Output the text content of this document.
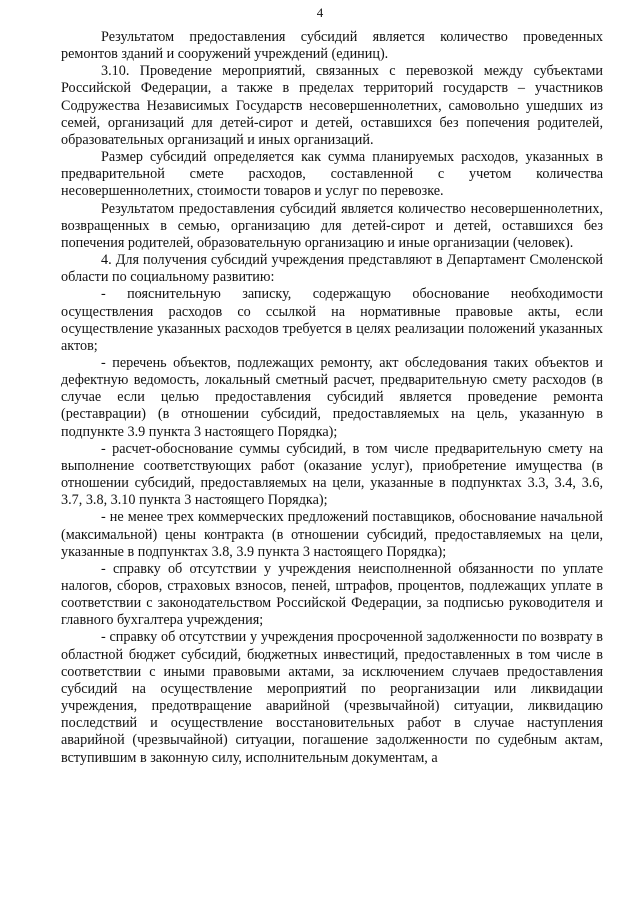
4

Результатом предоставления субсидий является количество проведенных ремонтов зданий и сооружений учреждений (единиц).

3.10. Проведение мероприятий, связанных с перевозкой между субъектами Российской Федерации, а также в пределах территорий государств – участников Содружества Независимых Государств несовершеннолетних, самовольно ушедших из семей, организаций для детей-сирот и детей, оставшихся без попечения родителей, образовательных организаций и иных организаций.

Размер субсидий определяется как сумма планируемых расходов, указанных в предварительной смете расходов, составленной с учетом количества несовершеннолетних, стоимости товаров и услуг по перевозке.

Результатом предоставления субсидий является количество несовершеннолетних, возвращенных в семью, организацию для детей-сирот и детей, оставшихся без попечения родителей, образовательную организацию и иные организации (человек).

4. Для получения субсидий учреждения представляют в Департамент Смоленской области по социальному развитию:

- пояснительную записку, содержащую обоснование необходимости осуществления расходов со ссылкой на нормативные правовые акты, если осуществление указанных расходов требуется в целях реализации положений указанных актов;

- перечень объектов, подлежащих ремонту, акт обследования таких объектов и дефектную ведомость, локальный сметный расчет, предварительную смету расходов (в случае если целью предоставления субсидий является проведение ремонта (реставрации) (в отношении субсидий, предоставляемых на цель, указанную в подпункте 3.9 пункта 3 настоящего Порядка);

- расчет-обоснование суммы субсидий, в том числе предварительную смету на выполнение соответствующих работ (оказание услуг), приобретение имущества (в отношении субсидий, предоставляемых на цели, указанные в подпунктах 3.3, 3.4, 3.6, 3.7, 3.8, 3.10 пункта 3 настоящего Порядка);

- не менее трех коммерческих предложений поставщиков, обоснование начальной (максимальной) цены контракта (в отношении субсидий, предоставляемых на цели, указанные в подпунктах 3.8, 3.9 пункта 3 настоящего Порядка);

- справку об отсутствии у учреждения неисполненной обязанности по уплате налогов, сборов, страховых взносов, пеней, штрафов, процентов, подлежащих уплате в соответствии с законодательством Российской Федерации, за подписью руководителя и главного бухгалтера учреждения;

- справку об отсутствии у учреждения просроченной задолженности по возврату в областной бюджет субсидий, бюджетных инвестиций, предоставленных в том числе в соответствии с иными правовыми актами, за исключением случаев предоставления субсидий на осуществление мероприятий по реорганизации или ликвидации учреждения, предотвращение аварийной (чрезвычайной) ситуации, ликвидацию последствий и осуществление восстановительных работ в случае наступления аварийной (чрезвычайной) ситуации, погашение задолженности по судебным актам, вступившим в законную силу, исполнительным документам, а
